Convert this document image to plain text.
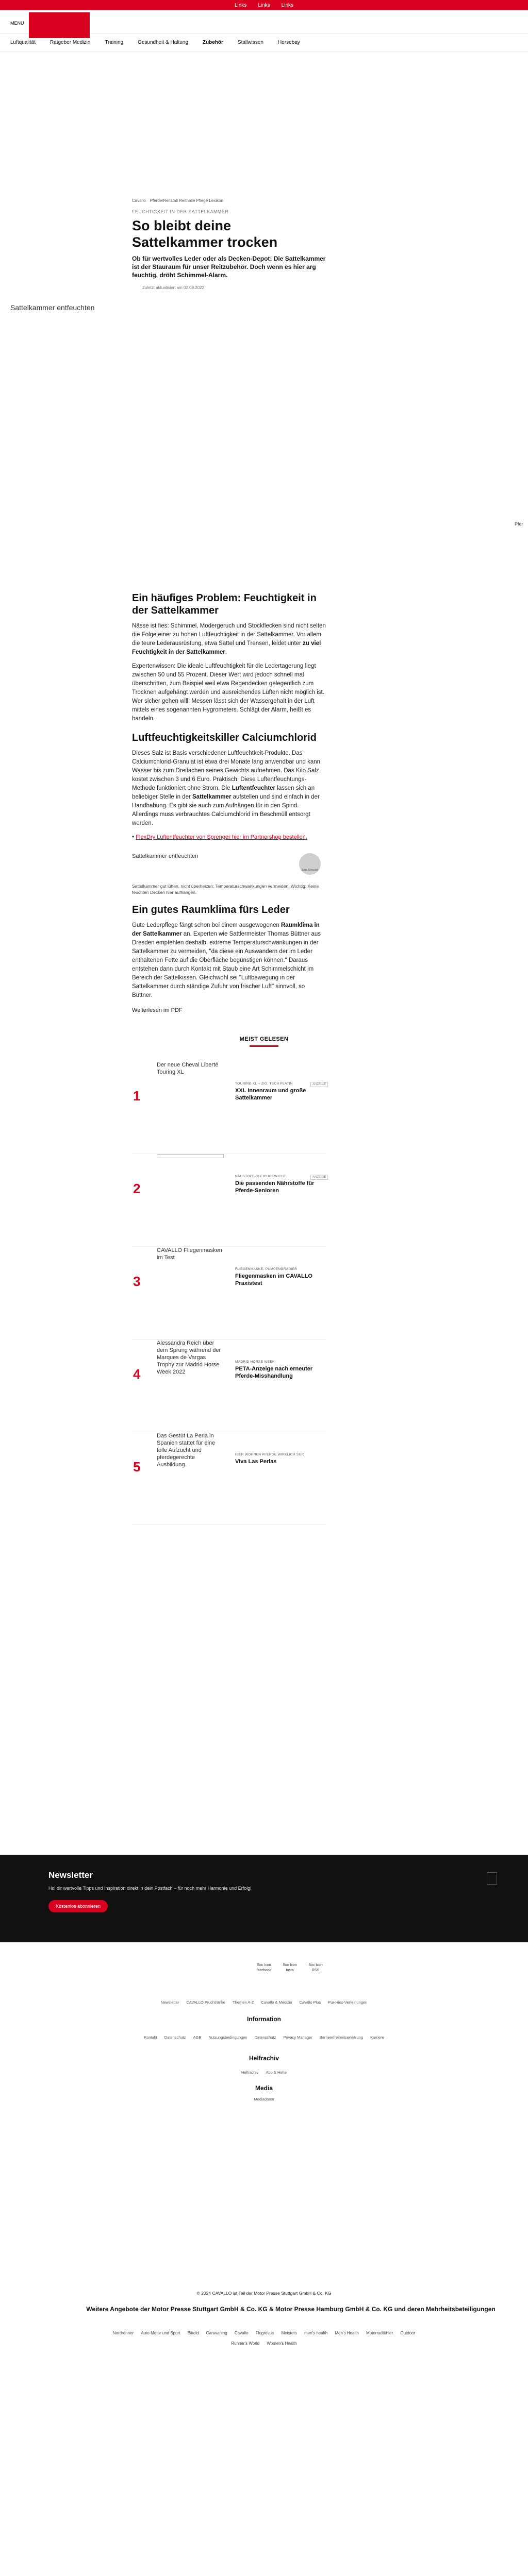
Links Links Links
MENU
Luftqualität	Ratgeber Medizin	Training	Gesundheit & Haltung	Zubehör	Stallwissen	Horsebay
Cavallo Pferde/Reitstall Reithalle Pflege Lexikon
FEUCHTIGKEIT IN DER SATTELKAMMER
So bleibt deine Sattelkammer trocken

Ob für wertvolles Leder oder als Decken-Depot: Die Sattelkammer ist der Stauraum für unser Reitzubehör. Doch wenn es hier arg feuchtig, dröht Schimmel-Alarm.

Zuletzt aktualisiert am 02.09.2022
Sattelkammer entfeuchten
Pfer
Ein häufiges Problem: Feuchtigkeit in der Sattelkammer

Nässe ist fies: Schimmel, Modergeruch und Stockflecken sind nicht selten die Folge einer zu hohen Luftfeuchtigkeit in der Sattelkammer. Vor allem die teure Lederausrüstung, etwa Sattel und Trensen, leidet unter zu viel Feuchtigkeit in der Sattelkammer.

Expertenwissen: Die ideale Luftfeuchtigkeit für die Ledertagerung liegt zwischen 50 und 55 Prozent. Dieser Wert wird jedoch schnell mal überschritten, zum Beispiel weil etwa Regendecken gelegentlich zum Trocknen aufgehängt werden und ausreichendes Lüften nicht möglich ist. Wer sicher gehen will: Messen lässt sich der Wassergehalt in der Luft mittels eines sogenannten Hygrometers. Schlägt der Alarm, heißt es handeln.

Luftfeuchtigkeitskiller Calciumchlorid

Dieses Salz ist Basis verschiedener Luftfeuchtkeit-Produkte. Das Calciumchlorid-Granulat ist etwa drei Monate lang anwendbar und kann Wasser bis zum Dreifachen seines Gewichts aufnehmen. Das Kilo Salz kostet zwischen 3 und 6 Euro. Praktisch: Diese Luftentfeuchtungs-Methode funktioniert ohne Strom. Die Luftentfeuchter lassen sich an beliebiger Stelle in der Sattelkammer aufstellen und sind einfach in der Handhabung. Es gibt sie auch zum Aufhängen für in den Spind. Allerdings muss verbrauchtes Calciumchlorid im Beschmüll entsorgt werden.

• FlexDry Luftentfeuchter von Sprenger hier im Partnershop bestellen.

Sattelkammer entfeuchten
Sasa Schaube

Sattelkammer gut lüften, nicht überheizen: Temperaturschwankungen vermeiden. Wichtig: Keine feuchten Decken hier aufhängen.

Ein gutes Raumklima fürs Leder

Gute Lederpflege fängt schon bei einem ausgewogenen Raumklima in der Sattelkammer an. Experten wie Sattlermeister Thomas Büttner aus Dresden empfehlen deshalb, extreme Temperaturschwankungen in der Sattelkammer zu vermeiden, "da diese ein Auswandern der im Leder enthaltenen Fette auf die Oberfläche begünstigen können." Daraus entstehen dann durch Kontakt mit Staub eine Art Schimmelschicht im Bereich der Sattelkissen. Gleichwohl sei "Luftbewegung in der Sattelkammer durch ständige Zufuhr von frischer Luft" sinnvoll, so Büttner.

Weiterlesen im PDF

MEIST GELESEN
1
Der neue Cheval Liberté Touring XL
TOURING XL + ZIG. TECH PLATIN	ANZEIGE
XXL Innenraum und große Sattelkammer
2
NÄHSTOFF-GLEICHGEWICHT	ANZEIGE
Die passenden Nährstoffe für Pferde-Senioren
3
CAVALLO Fliegenmasken im Test
FLIEGENMASKE- PUMPENGRADIER
Fliegenmasken im CAVALLO Praxistest
4
Alessandra Reich über dem Sprung während der Marques de Vargas Trophy zur Madrid Horse Week 2022
MADRID HORSE WEEK
PETA-Anzeige nach erneuter Pferde-Misshandlung
5
Das Gestüt La Perla in Spanien stattet für eine tolle Aufzucht und pferdegerechte Ausbildung.
HIER WOHNEN PFERDE WIRKLICH SUR
Viva Las Perlas
Newsletter
Hol dir wertvolle Tipps und Inspiration direkt in dein Postfach – für noch mehr Harmonie und Erfolg!
Kostenlos abonnieren
Soc Icon facebook
Soc Icon Insta
Soc Icon RSS
Newsletter CAVALLO Fruchtränke Themen A-Z Cavallo & Medizin Cavallo Plus Pur-Hies-Verfeinungen
Information
Kontakt Datenschutz AGB Nutzungsbedingungen Datenschutz Privacy Manager Barrierefreiheitserklärung Karriere
Helfrachiv
Helfrachiv Abo & Hefte
Media
Mediadaten
© 2024 CAVALLO ist Teil der Motor Presse Stuttgart GmbH & Co. KG
Weitere Angebote der Motor Presse Stuttgart GmbH & Co. KG & Motor Presse Hamburg GmbH & Co. KG und deren Mehrheitsbeteiligungen
Nordrenner Auto Motor und Sport Bikeld Caravaning Cavallo Flugrevue Meisters men's health Men's Health Motorradtühler Outdoor
Runner's World Women's Health
